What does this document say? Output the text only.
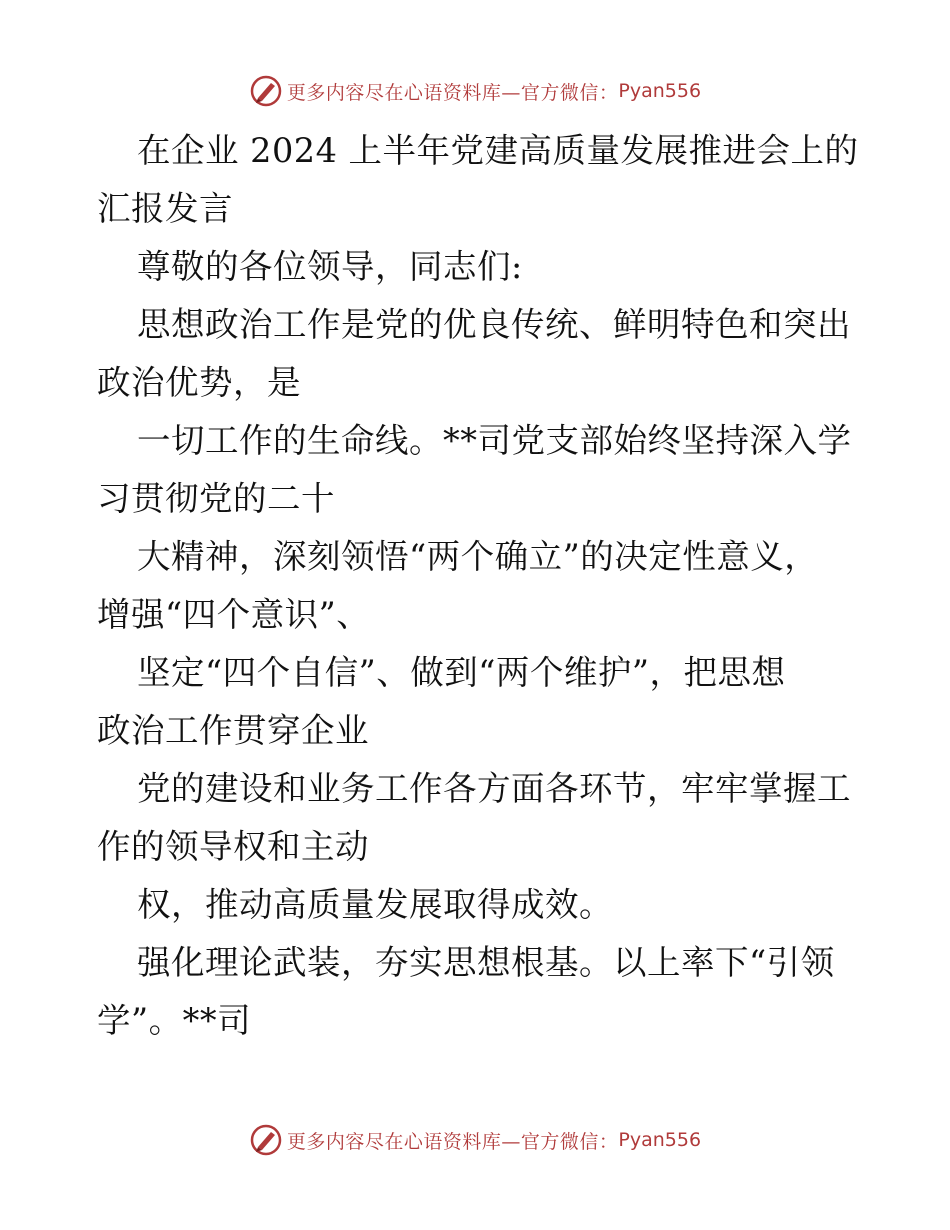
更多内容尽在心语资料库—官方微信： Pyan556
在企业 2024 上半年党建高质量发展推进会上的
汇报发言
尊敬的各位领导，同志们:
思想政治工作是党的优良传统、鲜明特色和突出
政治优势，是
一切工作的生命线。**司党支部始终坚持深入学
习贯彻党的二十
大精神，深刻领悟“两个确立”的决定性意义，
增强“四个意识”、
坚定“四个自信”、做到“两个维护”，把思想
政治工作贯穿企业
党的建设和业务工作各方面各环节，牢牢掌握工
作的领导权和主动
权，推动高质量发展取得成效。
强化理论武装，夯实思想根基。以上率下“引领
学”。**司
更多内容尽在心语资料库—官方微信： Pyan556
